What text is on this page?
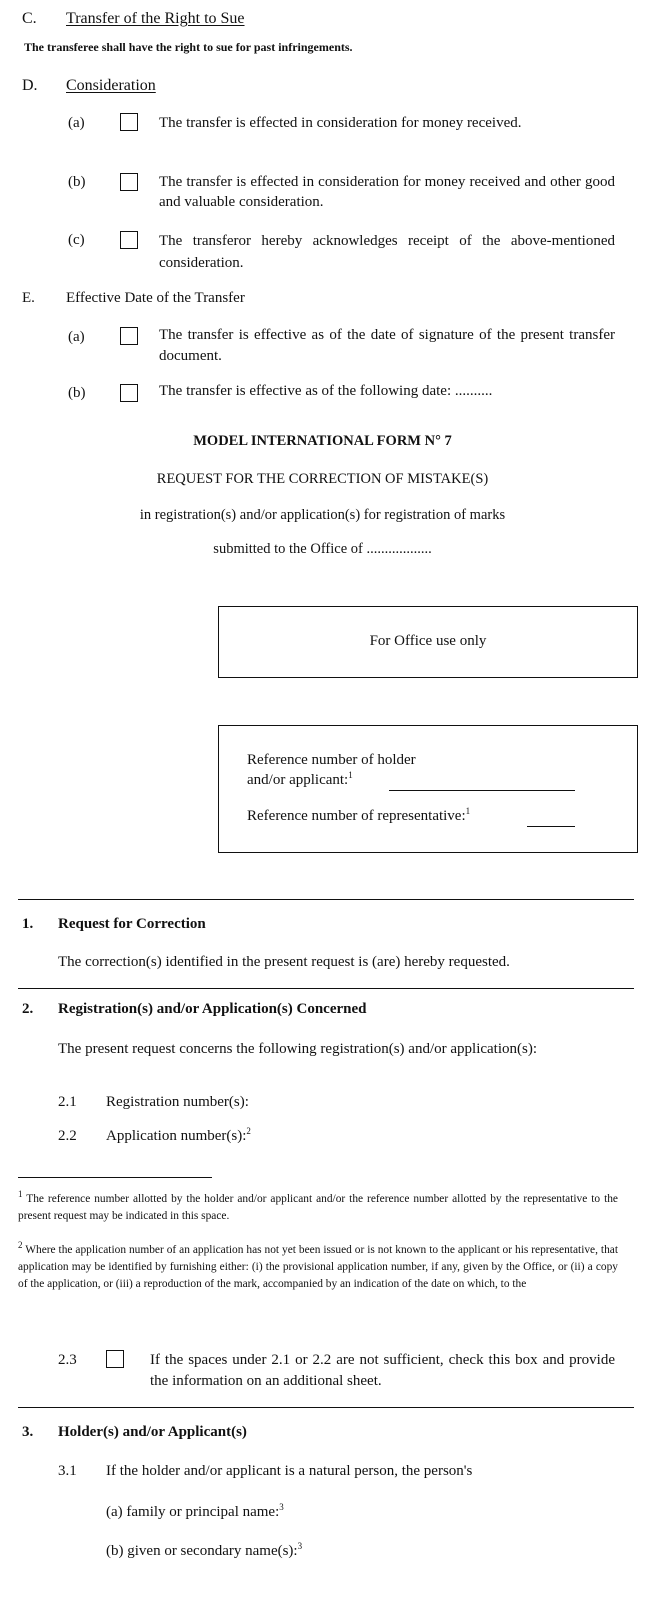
C. Transfer of the Right to Sue
The transferee shall have the right to sue for past infringements.
D. Consideration
(a)	The transfer is effected in consideration for money received.
(b)	The transfer is effected in consideration for money received and other good and valuable consideration.
(c)	The transferor hereby acknowledges receipt of the above-mentioned consideration.
E. Effective Date of the Transfer
(a)	The transfer is effective as of the date of signature of the present transfer document.
(b)	The transfer is effective as of the following date: ..........
MODEL INTERNATIONAL FORM N° 7
REQUEST FOR THE CORRECTION OF MISTAKE(S)
in registration(s) and/or application(s) for registration of marks
submitted to the Office of ..................
For Office use only
Reference number of holder
and/or applicant:$^1$
Reference number of representative:$^1$
1. Request for Correction
The correction(s) identified in the present request is (are) hereby requested.
2. Registration(s) and/or Application(s) Concerned
The present request concerns the following registration(s) and/or application(s):
2.1 Registration number(s):
2.2 Application number(s):$^2$
$^1$ The reference number allotted by the holder and/or applicant and/or the reference number allotted by the representative to the present request may be indicated in this space.
$^2$ Where the application number of an application has not yet been issued or is not known to the applicant or his representative, that application may be identified by furnishing either: (i) the provisional application number, if any, given by the Office, or (ii) a copy of the application, or (iii) a reproduction of the mark, accompanied by an indication of the date on which, to the
2.3	If the spaces under 2.1 or 2.2 are not sufficient, check this box and provide the information on an additional sheet.
3. Holder(s) and/or Applicant(s)
3.1 If the holder and/or applicant is a natural person, the person's
(a) family or principal name:$^3$
(b) given or secondary name(s):$^3$
